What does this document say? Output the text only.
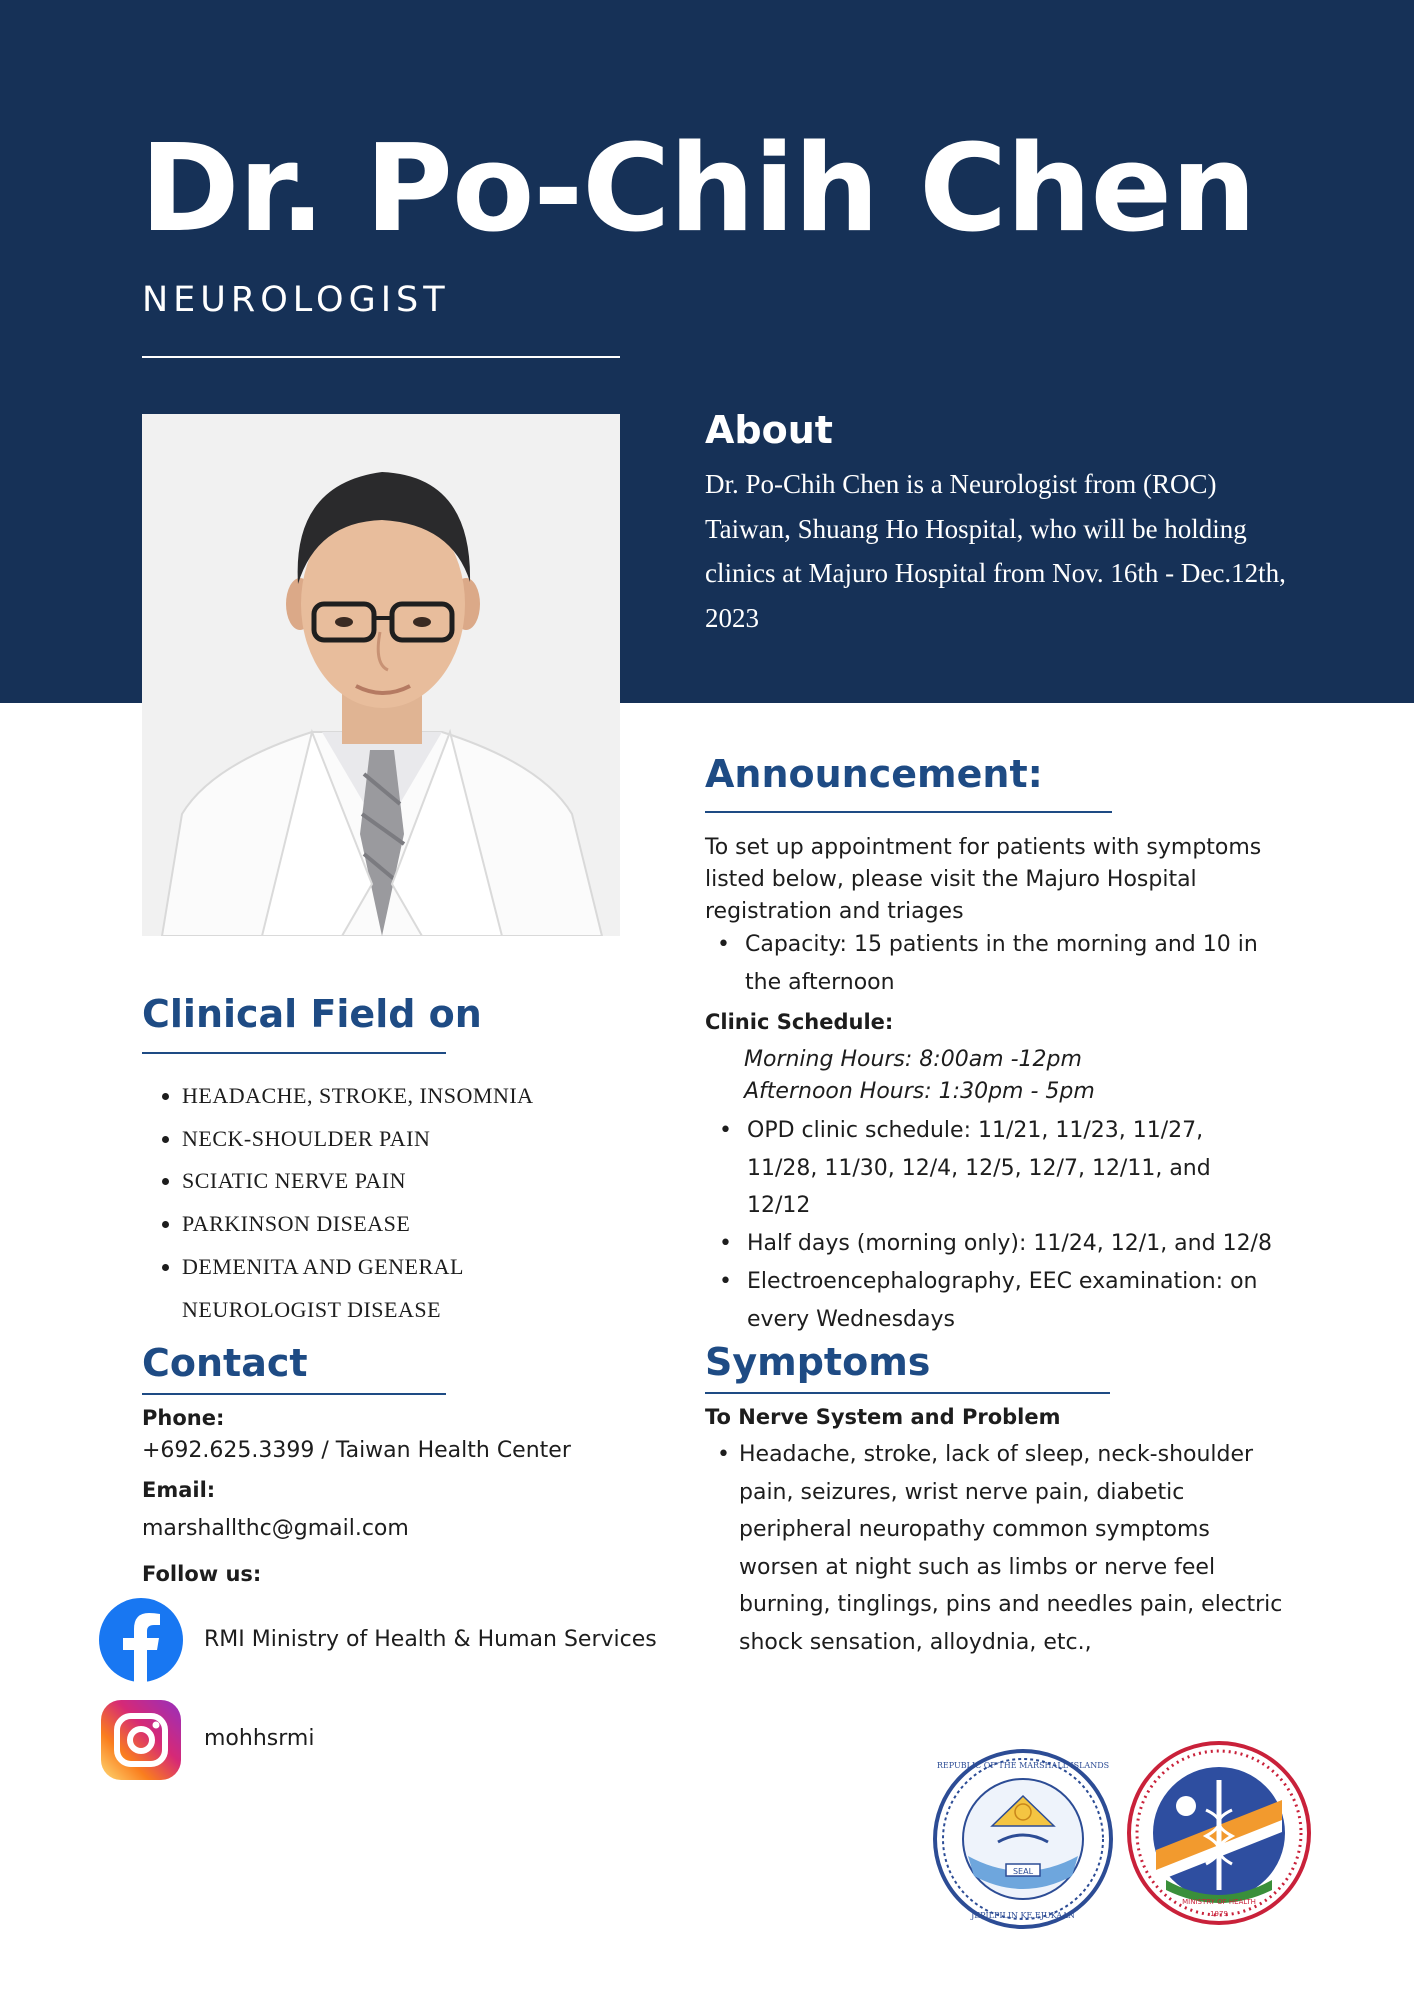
Dr. Po-Chih Chen
NEUROLOGIST
About

Dr. Po-Chih Chen is a Neurologist from (ROC) Taiwan, Shuang Ho Hospital, who will be holding clinics at Majuro Hospital from Nov. 16th - Dec.12th, 2023

Announcement:

To set up appointment for patients with symptoms listed below, please visit the Majuro Hospital registration and triages

• Capacity: 15 patients in the morning and 10 in the afternoon
Clinic Schedule:
Morning Hours: 8:00am -12pm
Afternoon Hours: 1:30pm - 5pm
• OPD clinic schedule: 11/21, 11/23, 11/27, 11/28, 11/30, 12/4, 12/5, 12/7, 12/11, and 12/12
• Half days (morning only): 11/24, 12/1, and 12/8
• Electroencephalography, EEC examination: on every Wednesdays
Symptoms
To Nerve System and Problem
• Headache, stroke, lack of sleep, neck-shoulder pain, seizures, wrist nerve pain, diabetic peripheral neuropathy common symptoms worsen at night such as limbs or nerve feel burning, tinglings, pins and needles pain, electric shock sensation, alloydnia, etc.,
Clinical Field on
• HEADACHE, STROKE, INSOMNIA
• NECK-SHOULDER PAIN
• SCIATIC NERVE PAIN
• PARKINSON DISEASE
• DEMENITA AND GENERAL NEUROLOGIST DISEASE
Contact
Phone:
+692.625.3399 / Taiwan Health Center
Email:
marshallthc@gmail.com
Follow us:
RMI Ministry of Health & Human Services
mohhsrmi
SEAL
REPUBLIC OF THE MARSHALL ISLANDS
JEPILPILIN KE EJUKAAN
MINISTRY OF HEALTH
1979
